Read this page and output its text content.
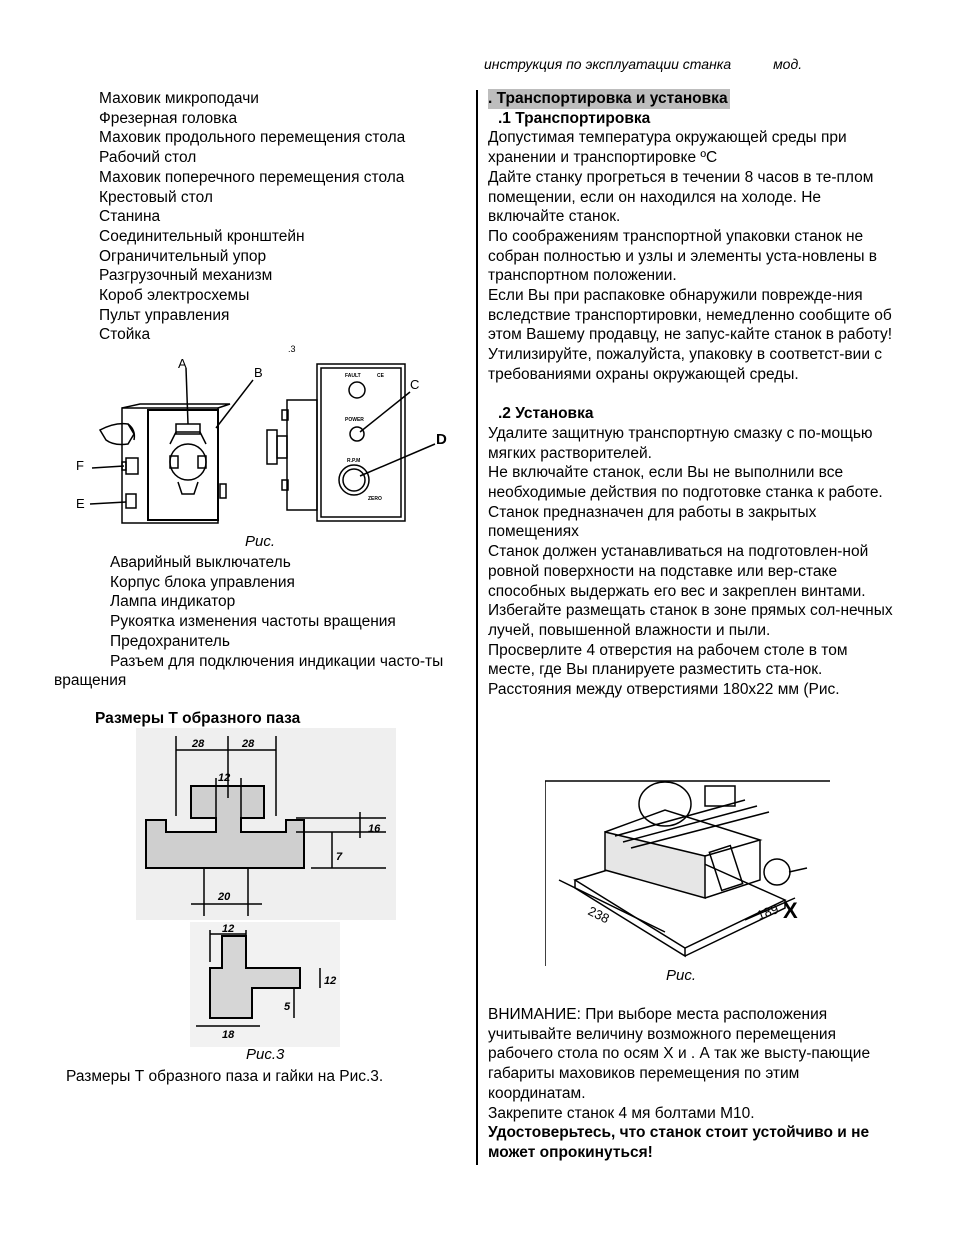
инструкция по эксплуатации станка	мод.
Маховик микроподачи
Фрезерная головка
Маховик продольного перемещения стола
Рабочий стол
Маховик поперечного перемещения стола
Крестовый стол
Станина
Соединительный кронштейн
Ограничительный упор
Разгрузочный механизм
Короб электросхемы
Пульт управления
Стойка
A
B
C
D
F
E
FAULT	CE
POWER
R.P.M
ZERO
.3
Рис.
Аварийный выключатель
Корпус блока управления
Лампа индикатор
Рукоятка изменения частоты вращения
Предохранитель
Разъем для подключения индикации часто-ты вращения
Размеры Т образного паза
28	28
12
16
7
20
12
12
5
18
Рис.3
Размеры Т образного паза и гайки на Рис.3.
. Транспортировка и установка
.1 Транспортировка

Допустимая температура окружающей среды при хранении и транспортировке ºС

Дайте станку прогреться в течении 8 часов в те-плом помещении, если он находился на холоде. Не включайте станок.

По соображениям транспортной упаковки станок не собран полностью и узлы и элементы уста-новлены в транспортном положении.

Если Вы при распаковке обнаружили поврежде-ния вследствие транспортировки, немедленно сообщите об этом Вашему продавцу, не запус-кайте станок в работу!

Утилизируйте, пожалуйста, упаковку в соответст-вии с требованиями охраны окружающей среды.

.2 Установка

Удалите защитную транспортную смазку с по-мощью мягких растворителей.

Не включайте станок, если Вы не выполнили все необходимые действия по подготовке станка к работе.

Станок предназначен для работы в закрытых помещениях

Станок должен устанавливаться на подготовлен-ной ровной поверхности на подставке или вер-стаке способных выдержать его вес и закреплен винтами.

Избегайте размещать станок в зоне прямых сол-нечных лучей, повышенной влажности и пыли.

Просверлите 4 отверстия на рабочем столе в том месте, где Вы планируете разместить ста-нок. Расстояния между отверстиями 180х22 мм (Рис.

238	189 X
Рис.

ВНИМАНИЕ: При выборе места расположения учитывайте величину возможного перемещения рабочего стола по осям Х и . А так же высту-пающие габариты маховиков перемещения по этим координатам.

Закрепите станок 4 мя болтами М10.

Удостоверьтесь, что станок стоит устойчиво и не может опрокинуться!
